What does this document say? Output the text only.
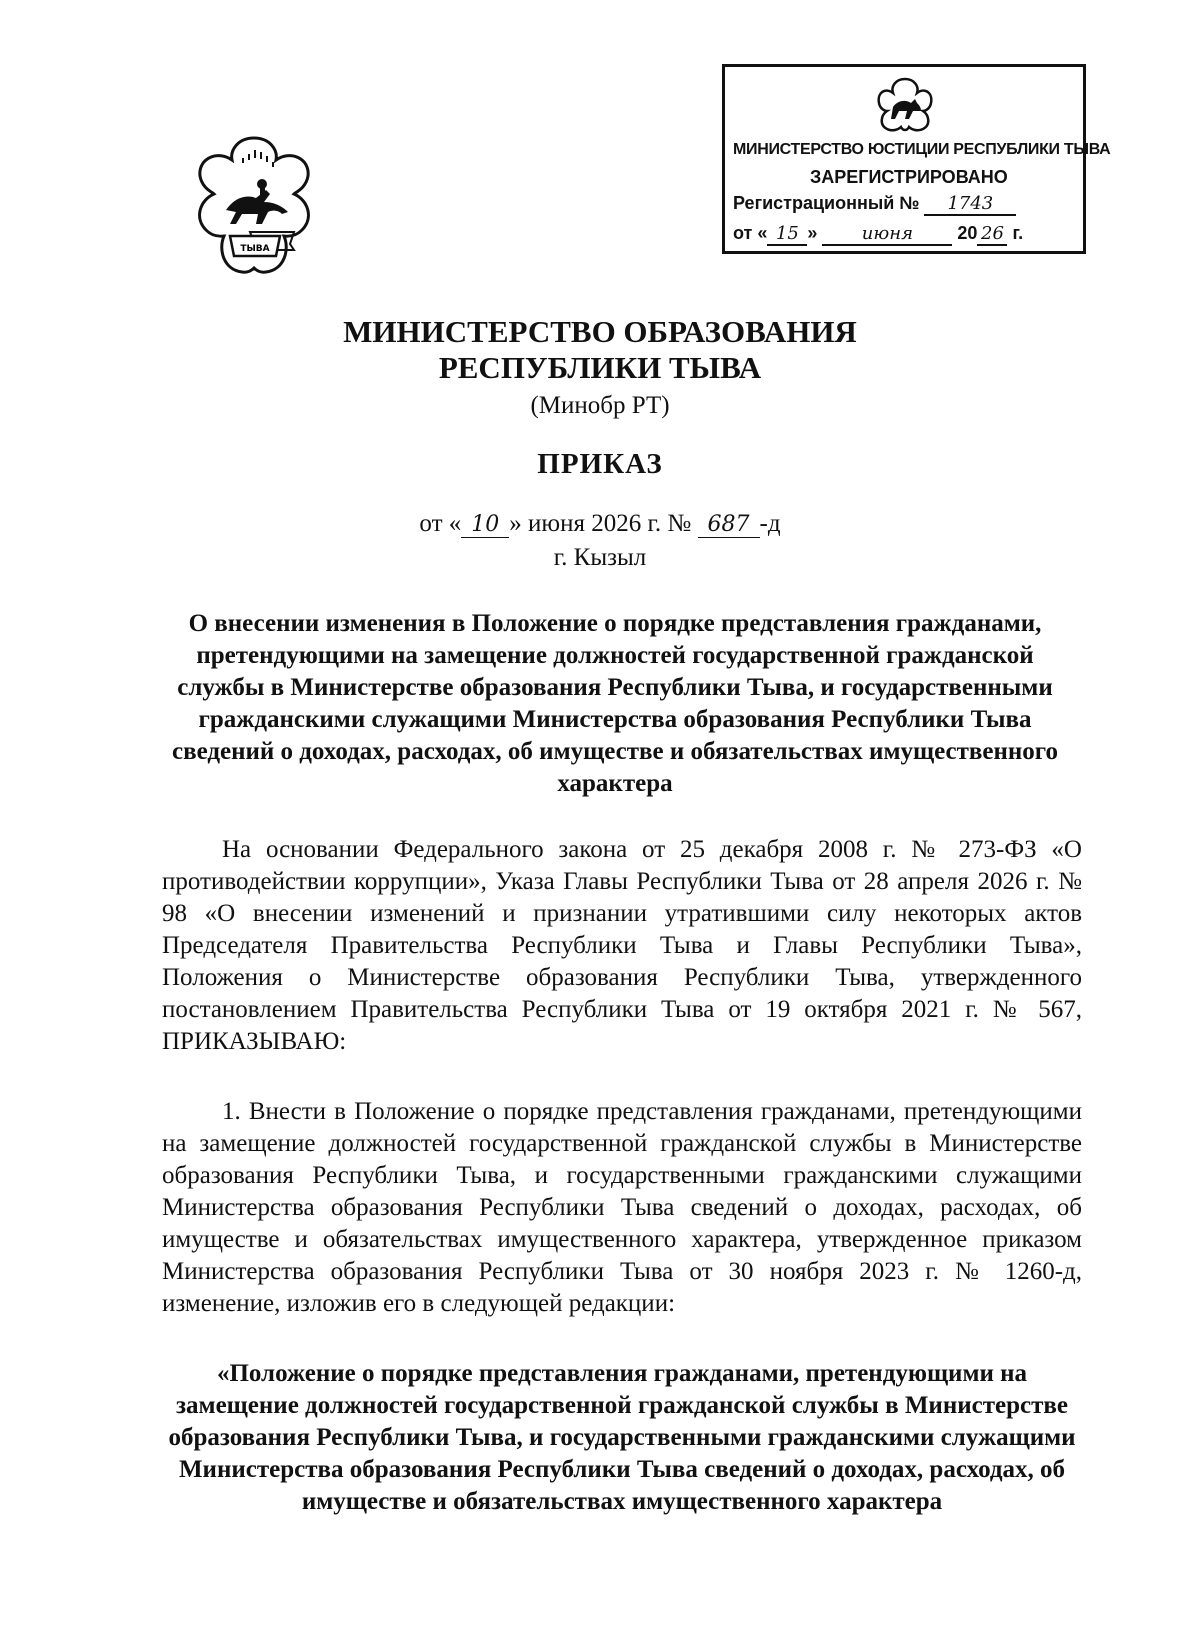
ТЫВА
МИНИСТЕРСТВО ЮСТИЦИИ РЕСПУБЛИКИ ТЫВА
ЗАРЕГИСТРИРОВАНО
Регистрационный № 1743
от « 15 » июня 20 26 г.
МИНИСТЕРСТВО ОБРАЗОВАНИЯ
РЕСПУБЛИКИ ТЫВА
(Минобр РТ)
ПРИКАЗ
от « 10 » июня 2026 г. № 687 -д
г. Кызыл
О внесении изменения в Положение о порядке представления гражданами, претендующими на замещение должностей государственной гражданской службы в Министерстве образования Республики Тыва, и государственными гражданскими служащими Министерства образования Республики Тыва сведений о доходах, расходах, об имуществе и обязательствах имущественного характера
На основании Федерального закона от 25 декабря 2008 г. № 273-ФЗ «О противодействии коррупции», Указа Главы Республики Тыва от 28 апреля 2026 г. № 98 «О внесении изменений и признании утратившими силу некоторых актов Председателя Правительства Республики Тыва и Главы Республики Тыва», Положения о Министерстве образования Республики Тыва, утвержденного постановлением Правительства Республики Тыва от 19 октября 2021 г. № 567, ПРИКАЗЫВАЮ:
1. Внести в Положение о порядке представления гражданами, претендующими на замещение должностей государственной гражданской службы в Министерстве образования Республики Тыва, и государственными гражданскими служащими Министерства образования Республики Тыва сведений о доходах, расходах, об имуществе и обязательствах имущественного характера, утвержденное приказом Министерства образования Республики Тыва от 30 ноября 2023 г. № 1260-д, изменение, изложив его в следующей редакции:
«Положение о порядке представления гражданами, претендующими на замещение должностей государственной гражданской службы в Министерстве образования Республики Тыва, и государственными гражданскими служащими Министерства образования Республики Тыва сведений о доходах, расходах, об имуществе и обязательствах имущественного характера
